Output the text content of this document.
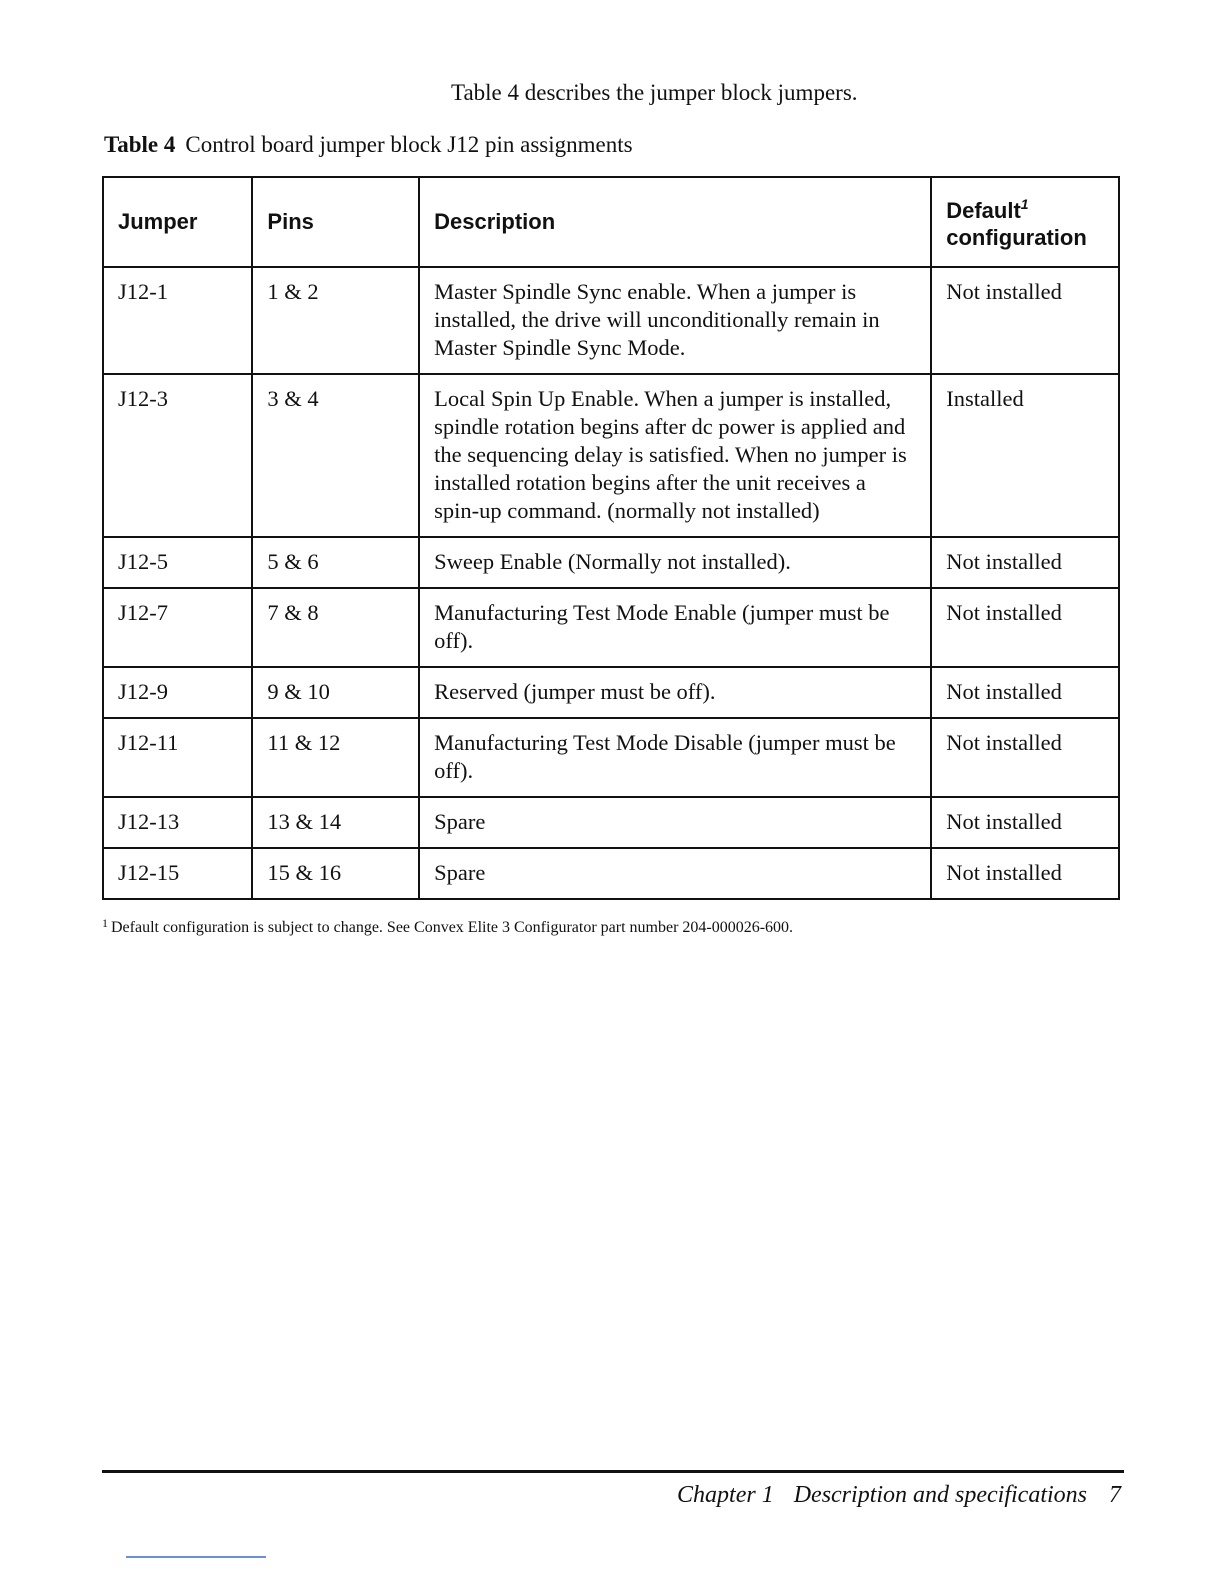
Table 4 describes the jumper block jumpers.
Table 4 Control board jumper block J12 pin assignments
Jumper	Pins	Description	Default$^1$
configuration
J12-1	1 & 2	Master Spindle Sync enable. When a jumper is installed, the drive will unconditionally remain in Master Spindle Sync Mode.	Not installed
J12-3	3 & 4	Local Spin Up Enable. When a jumper is installed, spindle rotation begins after dc power is applied and the sequencing delay is satisfied. When no jumper is installed rotation begins after the unit receives a spin-up command. (normally not installed)	Installed
J12-5	5 & 6	Sweep Enable (Normally not installed).	Not installed
J12-7	7 & 8	Manufacturing Test Mode Enable (jumper must be off).	Not installed
J12-9	9 & 10	Reserved (jumper must be off).	Not installed
J12-11	11 & 12	Manufacturing Test Mode Disable (jumper must be off).	Not installed
J12-13	13 & 14	Spare	Not installed
J12-15	15 & 16	Spare	Not installed
$^1$ Default configuration is subject to change. See Convex Elite 3 Configurator part number 204-000026-600.
Chapter 1 Description and specifications 7
